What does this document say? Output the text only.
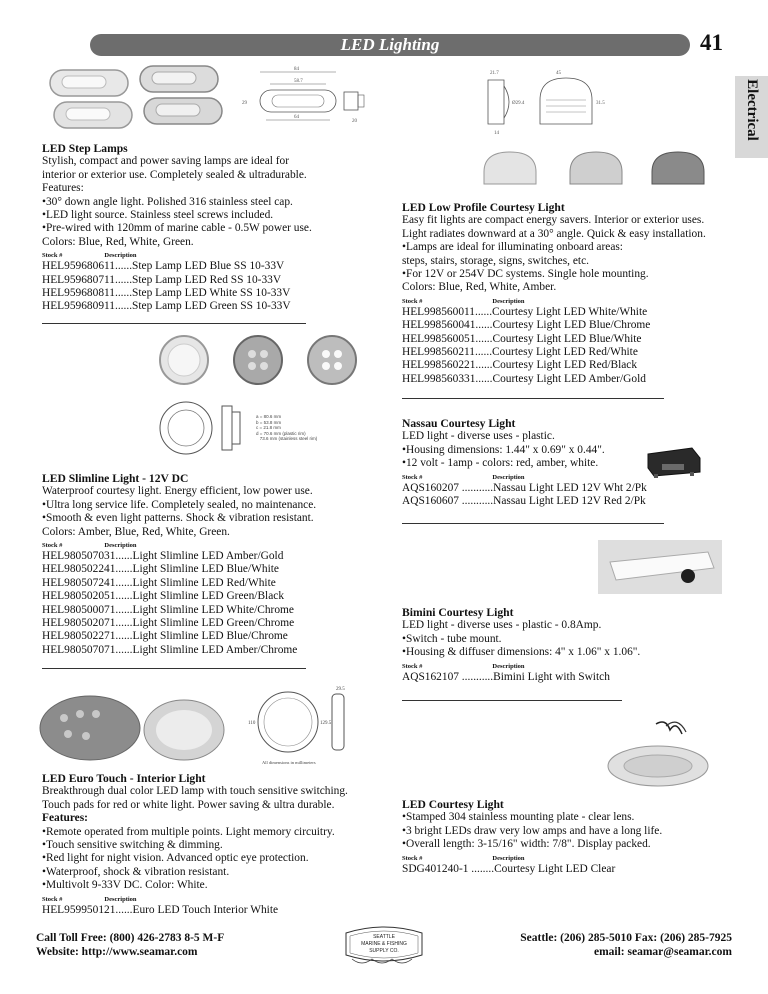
LED Lighting	41
Electrical
84
58.7
29
64
20
LED Step Lamps
Stylish, compact and power saving lamps are ideal for
interior or exterior use. Completely sealed & ultradurable.
Features:
•30° down angle light. Polished 316 stainless steel cap.
•LED light source. Stainless steel screws included.
•Pre-wired with 120mm of marine cable - 0.5W power use.
Colors: Blue, Red, White, Green.
Stock #	Description
HEL959680611......Step Lamp LED Blue SS 10-33V
HEL959680711......Step Lamp LED Red SS 10-33V
HEL959680811......Step Lamp LED White SS 10-33V
HEL959680911......Step Lamp LED Green SS 10-33V
21.7	45
Ø29.4	31.5
14
LED Low Profile Courtesy Light
Easy fit lights are compact energy savers. Interior or exterior uses.
Light radiates downward at a 30° angle. Quick & easy installation.
•Lamps are ideal for illuminating onboard areas:
steps, stairs, storage, signs, switches, etc.
•For 12V or 254V DC systems. Single hole mounting.
Colors: Blue, Red, White, Amber.
Stock #	Description
HEL998560011......Courtesy Light LED White/White
HEL998560041......Courtesy Light LED Blue/Chrome
HEL998560051......Courtesy Light LED Blue/White
HEL998560211......Courtesy Light LED Red/White
HEL998560221......Courtesy Light LED Red/Black
HEL998560331......Courtesy Light LED Amber/Gold
a = 80.6 mm
b = 53.8 mm
c = 21.8 mm
d = 70.6 mm (plastic rim)
73.6 mm (stainless steel rim)
LED Slimline Light - 12V DC
Waterproof courtesy light. Energy efficient, low power use.
•Ultra long service life. Completely sealed, no maintenance.
•Smooth & even light patterns. Shock & vibration resistant.
Colors: Amber, Blue, Red, White, Green.
Stock #	Description
HEL980507031......Light Slimline LED Amber/Gold
HEL980502241......Light Slimline LED Blue/White
HEL980507241......Light Slimline LED Red/White
HEL980502051......Light Slimline LED Green/Black
HEL980500071......Light Slimline LED White/Chrome
HEL980502071......Light Slimline LED Green/Chrome
HEL980502271......Light Slimline LED Blue/Chrome
HEL980507071......Light Slimline LED Amber/Chrome
Nassau Courtesy Light
LED light - diverse uses - plastic.
•Housing dimensions: 1.44" x 0.69" x 0.44".
•12 volt - 1amp - colors: red, amber, white.
Stock #	Description
AQS160207 ...........Nassau Light LED 12V Wht 2/Pk
AQS160607 ...........Nassau Light LED 12V Red 2/Pk
Bimini Courtesy Light
LED light - diverse uses - plastic - 0.8Amp.
•Switch - tube mount.
•Housing & diffuser dimensions: 4" x 1.06" x 1.06".
Stock #	Description
AQS162107 ...........Bimini Light with Switch
29.5
110	129.5
All dimensions in millimeters
LED Euro Touch - Interior Light
Breakthrough dual color LED lamp with touch sensitive switching.
Touch pads for red or white light. Power saving & ultra durable.
Features:
•Remote operated from multiple points. Light memory circuitry.
•Touch sensitive switching & dimming.
•Red light for night vision. Advanced optic eye protection.
•Waterproof, shock & vibration resistant.
•Multivolt 9-33V DC. Color: White.
Stock #	Description
HEL959950121......Euro LED Touch Interior White
LED Courtesy Light
•Stamped 304 stainless mounting plate - clear lens.
•3 bright LEDs draw very low amps and have a long life.
•Overall length: 3-15/16" width: 7/8". Display packed.
Stock #	Description
SDG401240-1 ........Courtesy Light LED Clear
Call Toll Free: (800) 426-2783 8-5 M-F
Website: http://www.seamar.com
SEATTLE
MARINE & FISHING
SUPPLY CO.
Seattle: (206) 285-5010 Fax: (206) 285-7925
email: seamar@seamar.com
